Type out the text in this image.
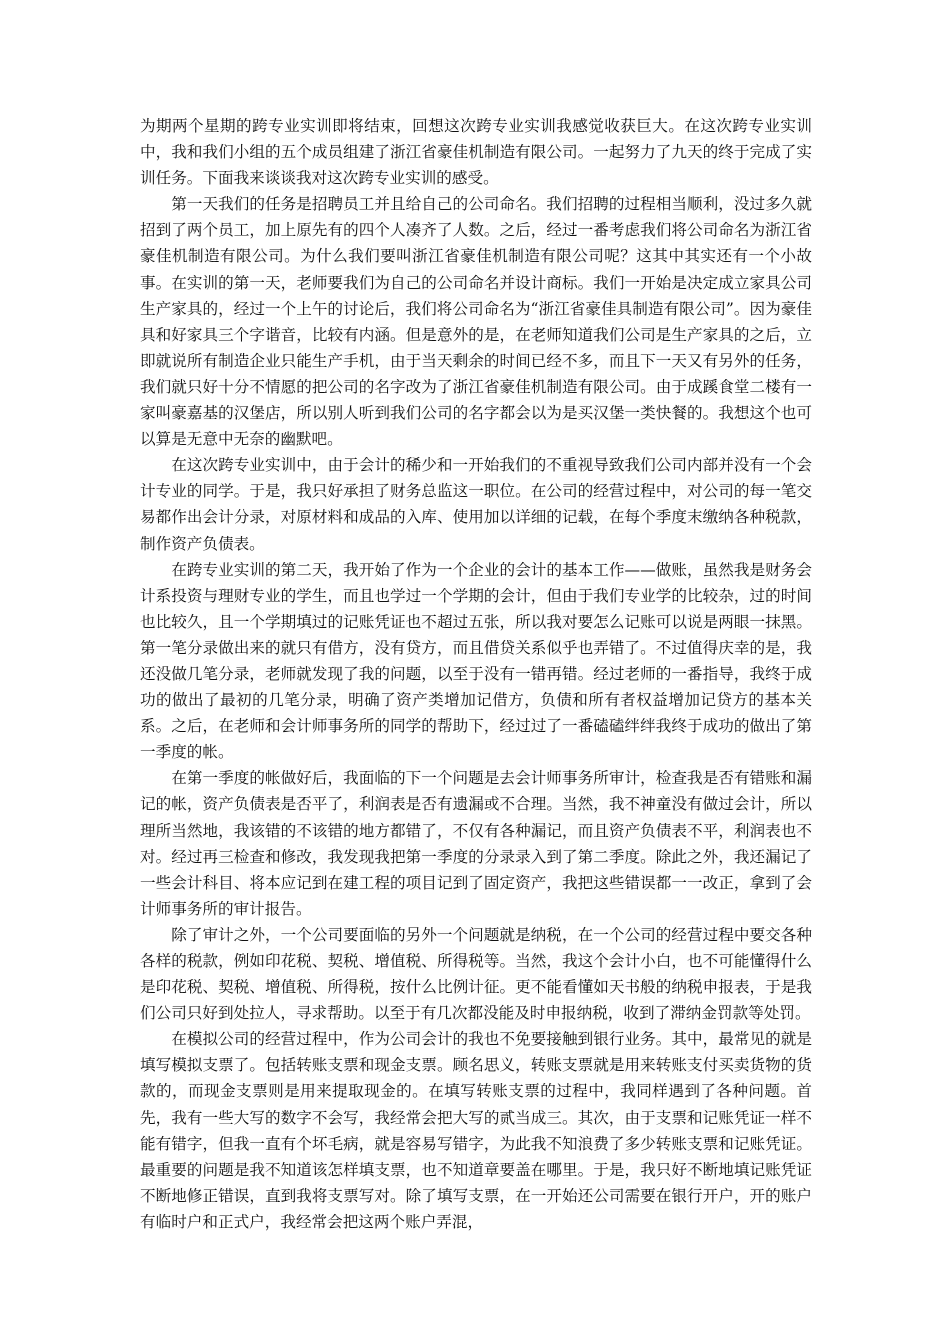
为期两个星期的跨专业实训即将结束，回想这次跨专业实训我感觉收获巨大。在这次跨专业实训中，我和我们小组的五个成员组建了浙江省豪佳机制造有限公司。一起努力了九天的终于完成了实训任务。下面我来谈谈我对这次跨专业实训的感受。

第一天我们的任务是招聘员工并且给自己的公司命名。我们招聘的过程相当顺利，没过多久就招到了两个员工，加上原先有的四个人凑齐了人数。之后，经过一番考虑我们将公司命名为浙江省豪佳机制造有限公司。为什么我们要叫浙江省豪佳机制造有限公司呢？这其中其实还有一个小故事。在实训的第一天，老师要我们为自己的公司命名并设计商标。我们一开始是决定成立家具公司生产家具的，经过一个上午的讨论后，我们将公司命名为“浙江省豪佳具制造有限公司”。因为豪佳具和好家具三个字谐音，比较有内涵。但是意外的是，在老师知道我们公司是生产家具的之后，立即就说所有制造企业只能生产手机，由于当天剩余的时间已经不多，而且下一天又有另外的任务，我们就只好十分不情愿的把公司的名字改为了浙江省豪佳机制造有限公司。由于成蹊食堂二楼有一家叫豪嘉基的汉堡店，所以别人听到我们公司的名字都会以为是买汉堡一类快餐的。我想这个也可以算是无意中无奈的幽默吧。

在这次跨专业实训中，由于会计的稀少和一开始我们的不重视导致我们公司内部并没有一个会计专业的同学。于是，我只好承担了财务总监这一职位。在公司的经营过程中，对公司的每一笔交易都作出会计分录，对原材料和成品的入库、使用加以详细的记载，在每个季度末缴纳各种税款，制作资产负债表。

在跨专业实训的第二天，我开始了作为一个企业的会计的基本工作——做账，虽然我是财务会计系投资与理财专业的学生，而且也学过一个学期的会计，但由于我们专业学的比较杂，过的时间也比较久，且一个学期填过的记账凭证也不超过五张，所以我对要怎么记账可以说是两眼一抹黑。第一笔分录做出来的就只有借方，没有贷方，而且借贷关系似乎也弄错了。不过值得庆幸的是，我还没做几笔分录，老师就发现了我的问题，以至于没有一错再错。经过老师的一番指导，我终于成功的做出了最初的几笔分录，明确了资产类增加记借方，负债和所有者权益增加记贷方的基本关系。之后，在老师和会计师事务所的同学的帮助下，经过过了一番磕磕绊绊我终于成功的做出了第一季度的帐。

在第一季度的帐做好后，我面临的下一个问题是去会计师事务所审计，检查我是否有错账和漏记的帐，资产负债表是否平了，利润表是否有遗漏或不合理。当然，我不神童没有做过会计，所以理所当然地，我该错的不该错的地方都错了，不仅有各种漏记，而且资产负债表不平，利润表也不对。经过再三检查和修改，我发现我把第一季度的分录录入到了第二季度。除此之外，我还漏记了一些会计科目、将本应记到在建工程的项目记到了固定资产，我把这些错误都一一改正，拿到了会计师事务所的审计报告。

除了审计之外，一个公司要面临的另外一个问题就是纳税，在一个公司的经营过程中要交各种各样的税款，例如印花税、契税、增值税、所得税等。当然，我这个会计小白，也不可能懂得什么是印花税、契税、增值税、所得税，按什么比例计征。更不能看懂如天书般的纳税申报表，于是我们公司只好到处拉人，寻求帮助。以至于有几次都没能及时申报纳税，收到了滞纳金罚款等处罚。

在模拟公司的经营过程中，作为公司会计的我也不免要接触到银行业务。其中，最常见的就是填写模拟支票了。包括转账支票和现金支票。顾名思义，转账支票就是用来转账支付买卖货物的货款的，而现金支票则是用来提取现金的。在填写转账支票的过程中，我同样遇到了各种问题。首先，我有一些大写的数字不会写，我经常会把大写的贰当成三。其次，由于支票和记账凭证一样不能有错字，但我一直有个坏毛病，就是容易写错字，为此我不知浪费了多少转账支票和记账凭证。最重要的问题是我不知道该怎样填支票，也不知道章要盖在哪里。于是，我只好不断地填记账凭证不断地修正错误，直到我将支票写对。除了填写支票，在一开始还公司需要在银行开户，开的账户有临时户和正式户，我经常会把这两个账户弄混，
